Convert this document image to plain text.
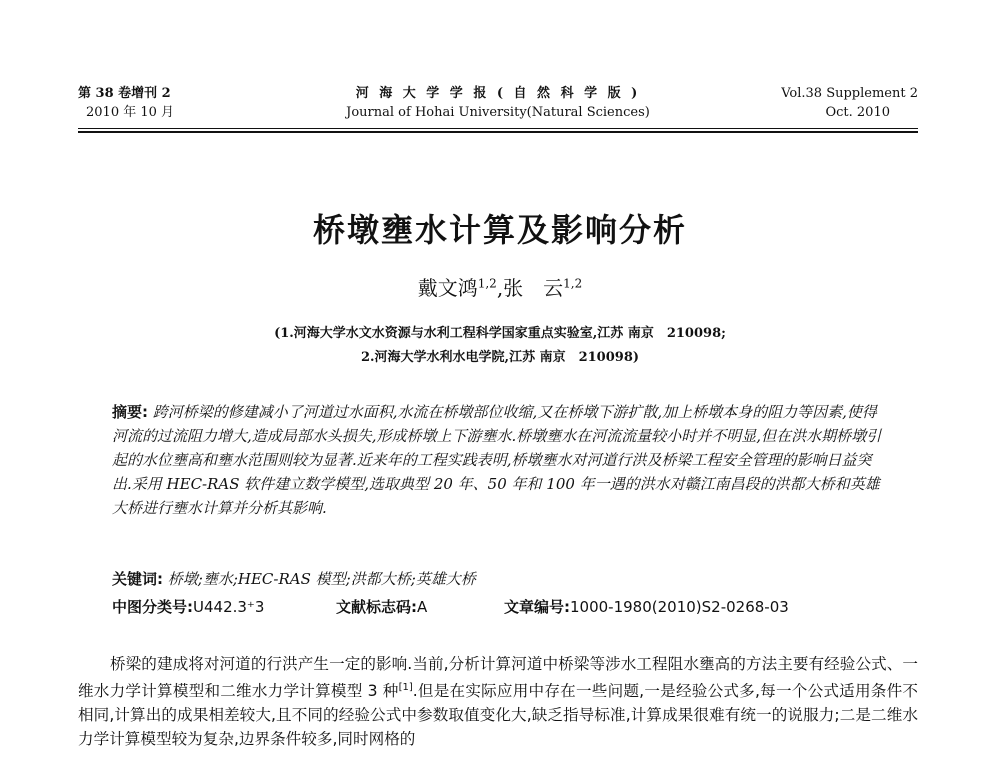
第 38 卷增刊 2
2010 年 10 月
河 海 大 学 学 报 ( 自 然 科 学 版 )
Journal of Hohai University(Natural Sciences)
Vol.38 Supplement 2
Oct. 2010
桥墩壅水计算及影响分析
戴文鸿$^{1,2}$,张　云$^{1,2}$
(1.河海大学水文水资源与水利工程科学国家重点实验室,江苏 南京　210098;
2.河海大学水利水电学院,江苏 南京　210098)
摘要: 跨河桥梁的修建减小了河道过水面积,水流在桥墩部位收缩,又在桥墩下游扩散,加上桥墩本身的阻力等因素,使得河流的过流阻力增大,造成局部水头损失,形成桥墩上下游壅水.桥墩壅水在河流流量较小时并不明显,但在洪水期桥墩引起的水位壅高和壅水范围则较为显著.近来年的工程实践表明,桥墩壅水对河道行洪及桥梁工程安全管理的影响日益突出.采用 HEC-RAS 软件建立数学模型,选取典型 20 年、50 年和 100 年一遇的洪水对赣江南昌段的洪都大桥和英雄大桥进行壅水计算并分析其影响.
关键词: 桥墩;壅水;HEC-RAS 模型;洪都大桥;英雄大桥
中图分类号:U442.3⁺3	文献标志码:A	文章编号:1000-1980(2010)S2-0268-03

桥梁的建成将对河道的行洪产生一定的影响.当前,分析计算河道中桥梁等涉水工程阻水壅高的方法主要有经验公式、一维水力学计算模型和二维水力学计算模型 3 种[1].但是在实际应用中存在一些问题,一是经验公式多,每一个公式适用条件不相同,计算出的成果相差较大,且不同的经验公式中参数取值变化大,缺乏指导标准,计算成果很难有统一的说服力;二是二维水力学计算模型较为复杂,边界条件较多,同时网格的
